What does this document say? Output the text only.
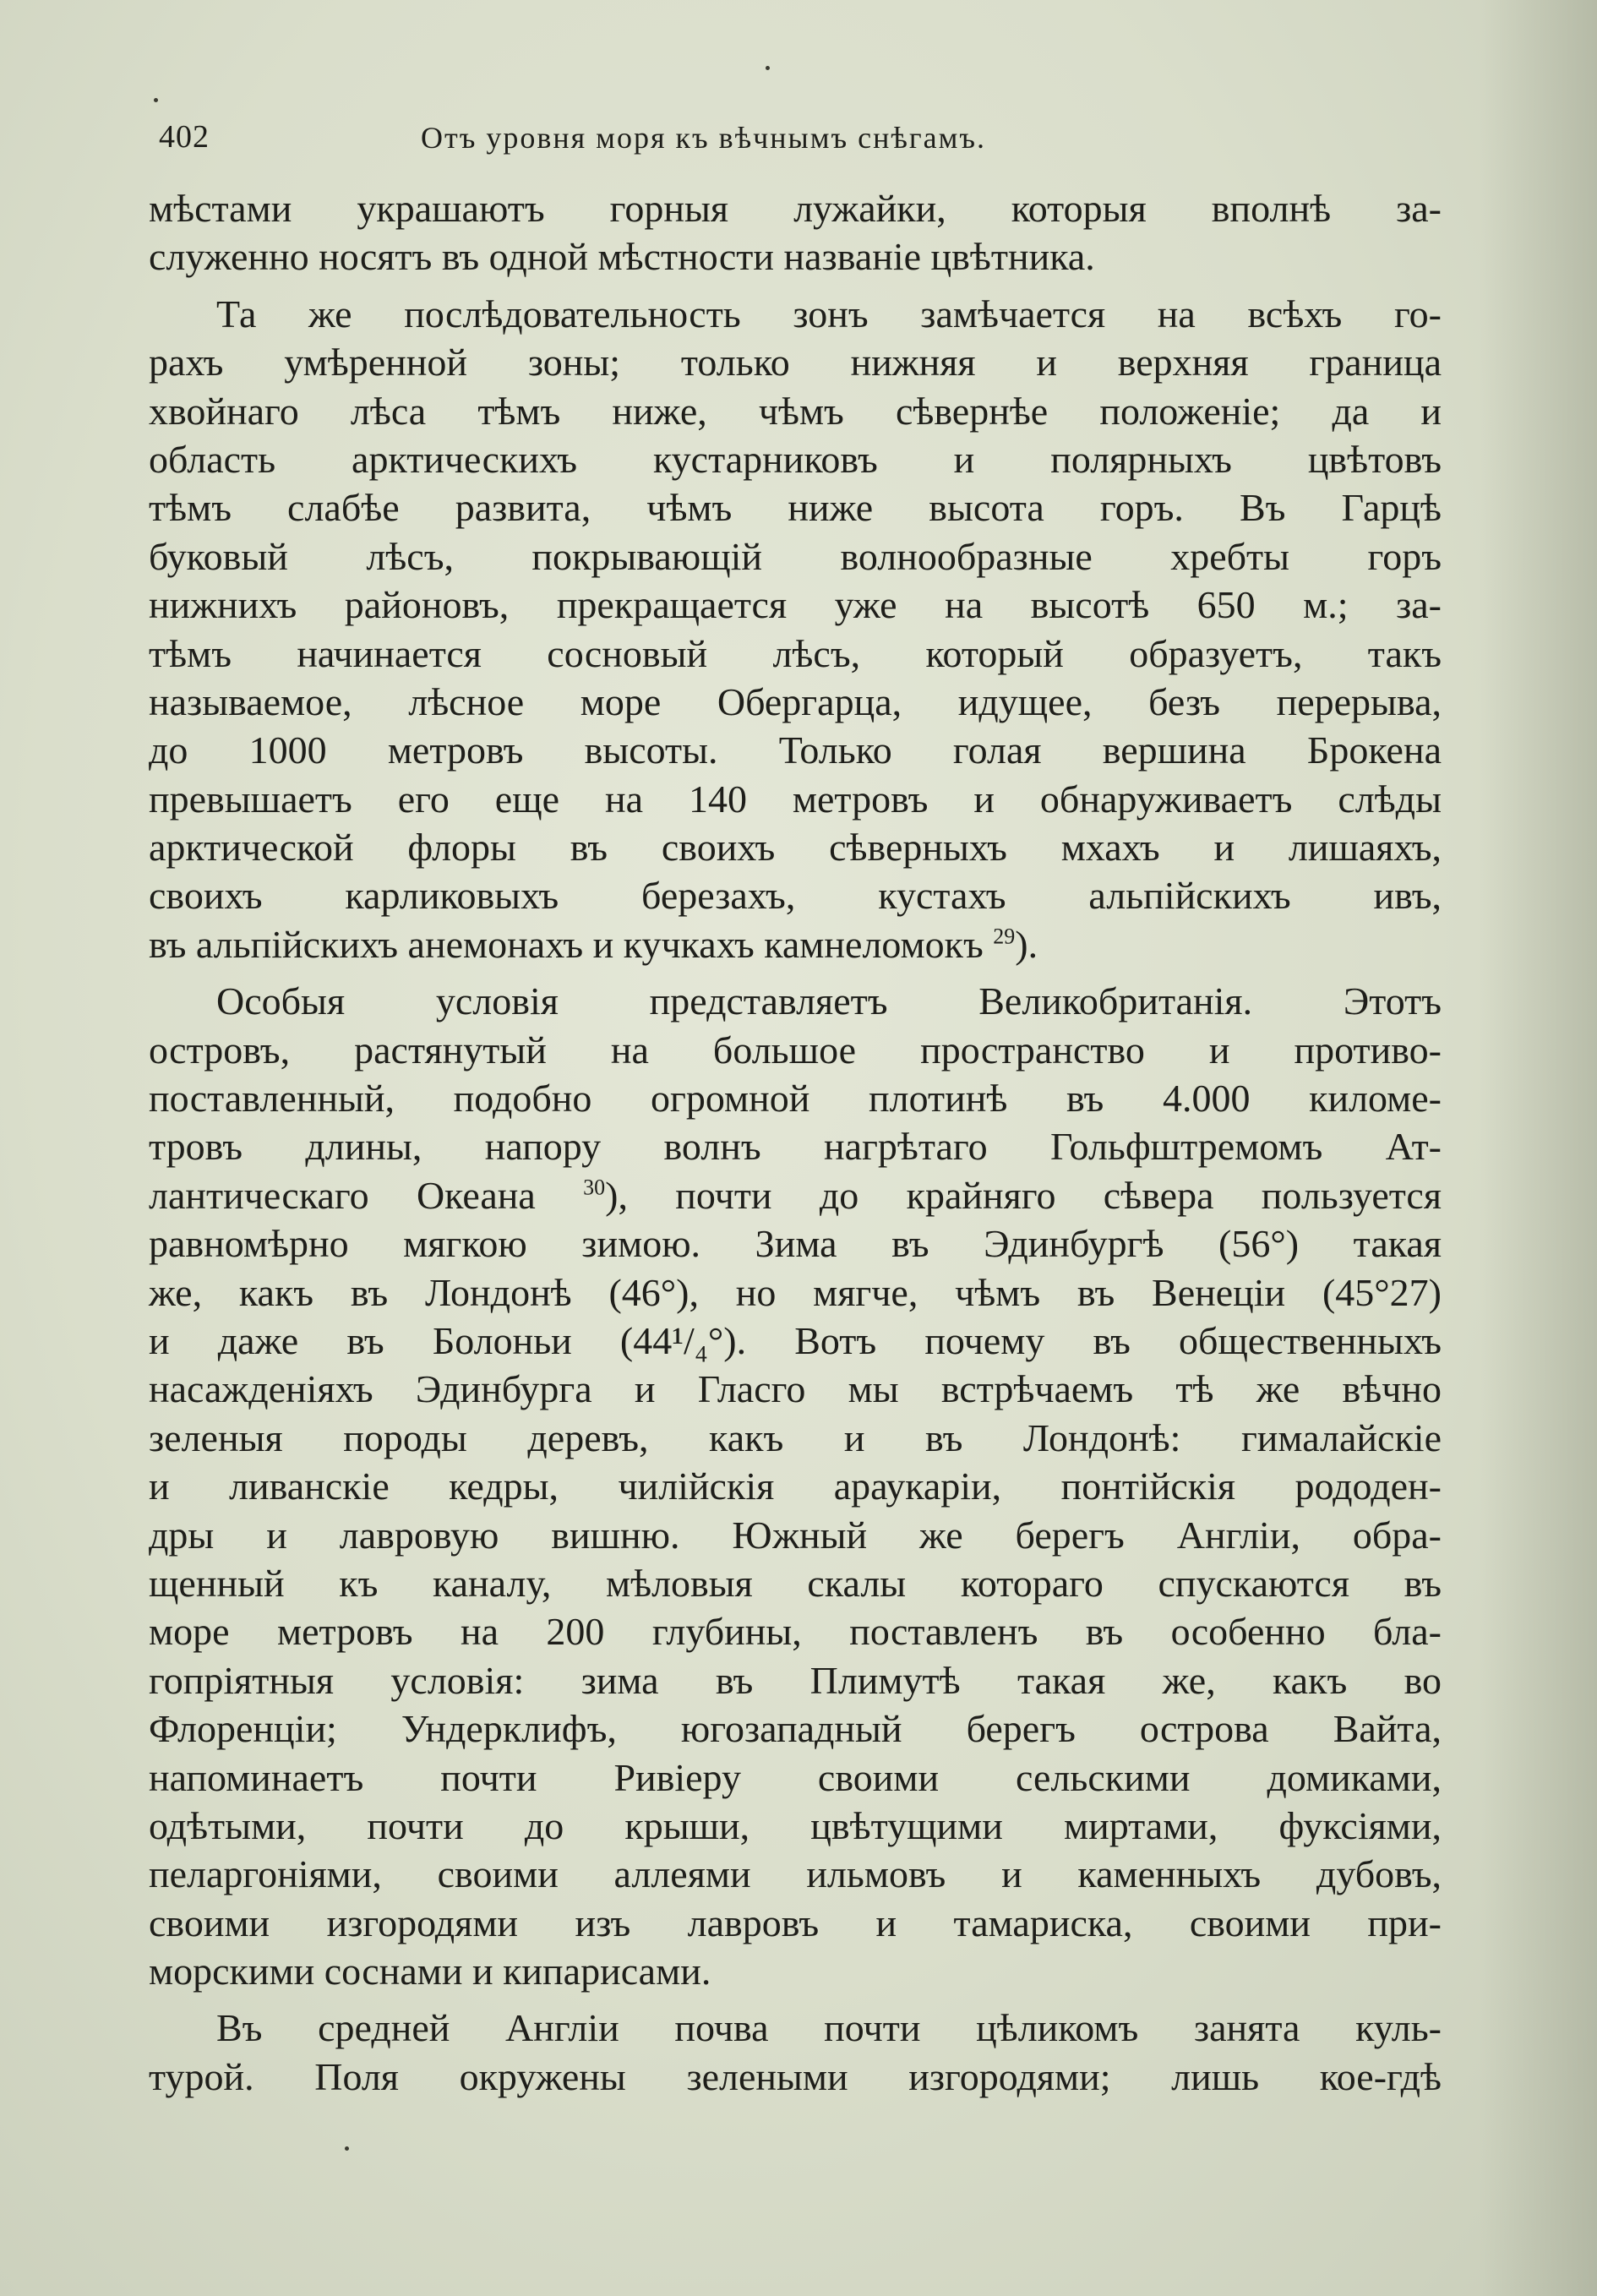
402	Отъ уровня моря къ вѣчнымъ снѣгамъ.
мѣстами украшаютъ горныя лужайки, которыя вполнѣ за-
служенно носятъ въ одной мѣстности названіе цвѣтника.
Та же послѣдовательность зонъ замѣчается на всѣхъ го-
рахъ умѣренной зоны; только нижняя и верхняя граница
хвойнаго лѣса тѣмъ ниже, чѣмъ сѣвернѣе положеніе; да и
область арктическихъ кустарниковъ и полярныхъ цвѣтовъ
тѣмъ слабѣе развита, чѣмъ ниже высота горъ. Въ Гарцѣ
буковый лѣсъ, покрывающій волнообразные хребты горъ
нижнихъ районовъ, прекращается уже на высотѣ 650 м.; за-
тѣмъ начинается сосновый лѣсъ, который образуетъ, такъ
называемое, лѣсное море Обергарца, идущее, безъ перерыва,
до 1000 метровъ высоты. Только голая вершина Брокена
превышаетъ его еще на 140 метровъ и обнаруживаетъ слѣды
арктической флоры въ своихъ сѣверныхъ мхахъ и лишаяхъ,
своихъ карликовыхъ березахъ, кустахъ альпійскихъ ивъ,
въ альпійскихъ анемонахъ и кучкахъ камнеломокъ $^{29}$).
Особыя условія представляетъ Великобританія. Этотъ
островъ, растянутый на большое пространство и противо-
поставленный, подобно огромной плотинѣ въ 4.000 киломе-
тровъ длины, напору волнъ нагрѣтаго Гольфштремомъ Ат-
лантическаго Океана $^{30}$), почти до крайняго сѣвера пользуется
равномѣрно мягкою зимою. Зима въ Эдинбургѣ (56°) такая
же, какъ въ Лондонѣ (46°), но мягче, чѣмъ въ Венеціи (45°27)
и даже въ Болоньи (44¹/₄°). Вотъ почему въ общественныхъ
насажденіяхъ Эдинбурга и Гласго мы встрѣчаемъ тѣ же вѣчно
зеленыя породы деревъ, какъ и въ Лондонѣ: гималайскіе
и ливанскіе кедры, чилійскія араукаріи, понтійскія рододен-
дры и лавровую вишню. Южный же берегъ Англіи, обра-
щенный къ каналу, мѣловыя скалы котораго спускаются въ
море метровъ на 200 глубины, поставленъ въ особенно бла-
гопріятныя условія: зима въ Плимутѣ такая же, какъ во
Флоренціи; Ундерклифъ, югозападный берегъ острова Вайта,
напоминаетъ почти Ривіеру своими сельскими домиками,
одѣтыми, почти до крыши, цвѣтущими миртами, фуксіями,
пеларгоніями, своими аллеями ильмовъ и каменныхъ дубовъ,
своими изгородями изъ лавровъ и тамариска, своими при-
морскими соснами и кипарисами.
Въ средней Англіи почва почти цѣликомъ занята куль-
турой. Поля окружены зелеными изгородями; лишь кое-гдѣ
